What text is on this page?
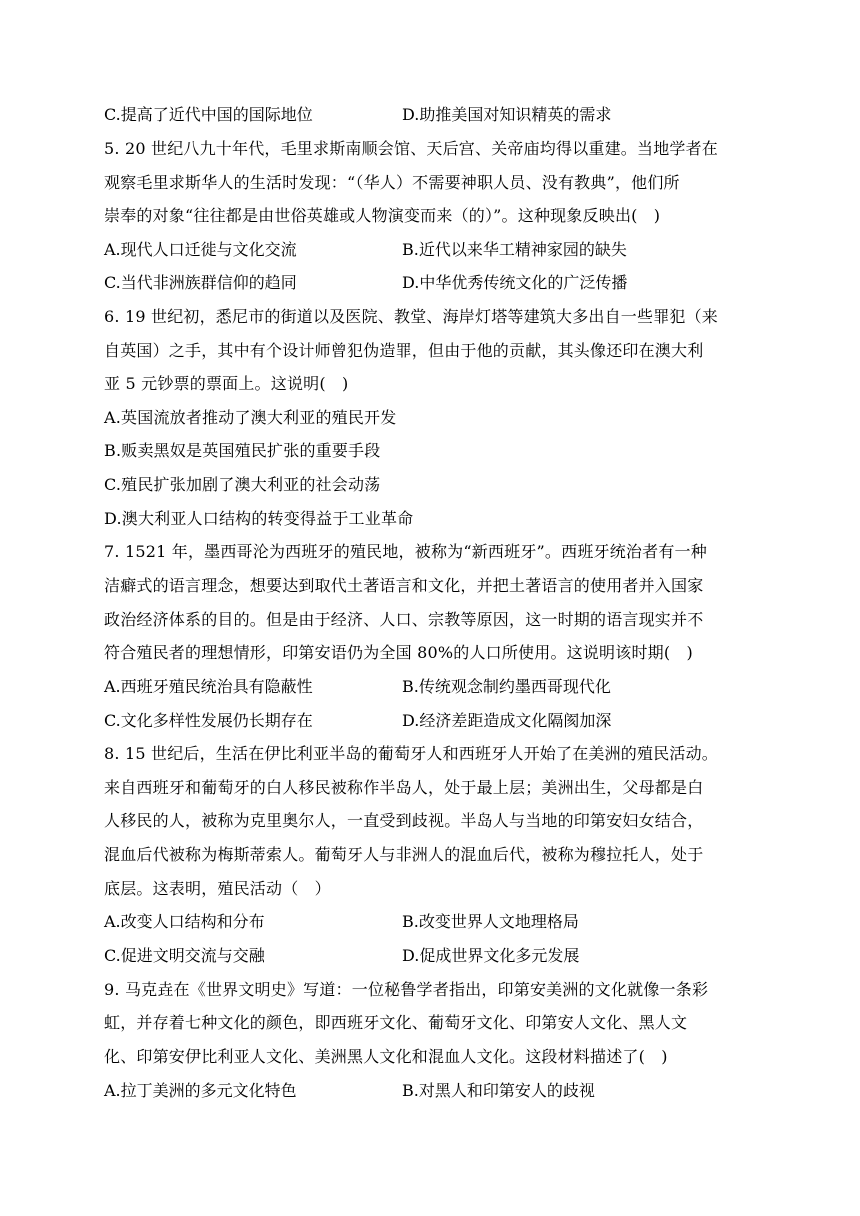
C.提高了近代中国的国际地位	D.助推美国对知识精英的需求
5. 20 世纪八九十年代，毛里求斯南顺会馆、天后宫、关帝庙均得以重建。当地学者在
观察毛里求斯华人的生活时发现：“（华人）不需要神职人员、没有教典”，他们所
崇奉的对象“往往都是由世俗英雄或人物演变而来（的）”。这种现象反映出(　)
A.现代人口迁徙与文化交流	B.近代以来华工精神家园的缺失
C.当代非洲族群信仰的趋同	D.中华优秀传统文化的广泛传播
6. 19 世纪初，悉尼市的街道以及医院、教堂、海岸灯塔等建筑大多出自一些罪犯（来
自英国）之手，其中有个设计师曾犯伪造罪，但由于他的贡献，其头像还印在澳大利
亚 5 元钞票的票面上。这说明(　)
A.英国流放者推动了澳大利亚的殖民开发
B.贩卖黑奴是英国殖民扩张的重要手段
C.殖民扩张加剧了澳大利亚的社会动荡
D.澳大利亚人口结构的转变得益于工业革命
7. 1521 年，墨西哥沦为西班牙的殖民地，被称为“新西班牙”。西班牙统治者有一种
洁癖式的语言理念，想要达到取代土著语言和文化，并把土著语言的使用者并入国家
政治经济体系的目的。但是由于经济、人口、宗教等原因，这一时期的语言现实并不
符合殖民者的理想情形，印第安语仍为全国 80%的人口所使用。这说明该时期(　)
A.西班牙殖民统治具有隐蔽性	B.传统观念制约墨西哥现代化
C.文化多样性发展仍长期存在	D.经济差距造成文化隔阂加深
8. 15 世纪后，生活在伊比利亚半岛的葡萄牙人和西班牙人开始了在美洲的殖民活动。
来自西班牙和葡萄牙的白人移民被称作半岛人，处于最上层；美洲出生，父母都是白
人移民的人，被称为克里奥尔人，一直受到歧视。半岛人与当地的印第安妇女结合，
混血后代被称为梅斯蒂索人。葡萄牙人与非洲人的混血后代，被称为穆拉托人，处于
底层。这表明，殖民活动（　）
A.改变人口结构和分布	B.改变世界人文地理格局
C.促进文明交流与交融	D.促成世界文化多元发展
9. 马克垚在《世界文明史》写道：一位秘鲁学者指出，印第安美洲的文化就像一条彩
虹，并存着七种文化的颜色，即西班牙文化、葡萄牙文化、印第安人文化、黑人文
化、印第安伊比利亚人文化、美洲黑人文化和混血人文化。这段材料描述了(　)
A.拉丁美洲的多元文化特色	B.对黑人和印第安人的歧视
